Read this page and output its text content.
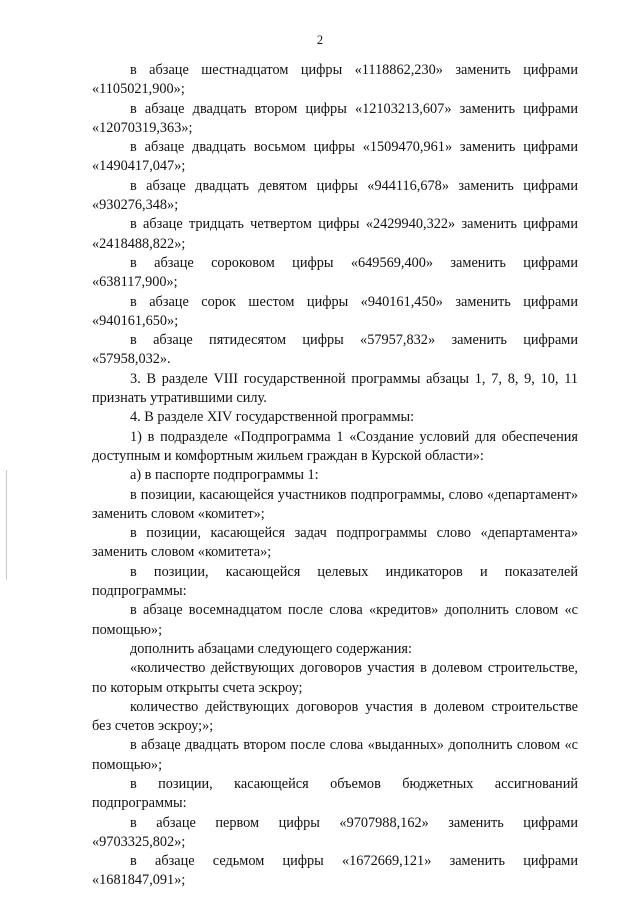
2

в абзаце шестнадцатом цифры «1118862,230» заменить цифрами «1105021,900»;

в абзаце двадцать втором цифры «12103213,607» заменить цифрами «12070319,363»;

в абзаце двадцать восьмом цифры «1509470,961» заменить цифрами «1490417,047»;

в абзаце двадцать девятом цифры «944116,678» заменить цифрами «930276,348»;

в абзаце тридцать четвертом цифры «2429940,322» заменить цифрами «2418488,822»;

в абзаце сороковом цифры «649569,400» заменить цифрами «638117,900»;

в абзаце сорок шестом цифры «940161,450» заменить цифрами «940161,650»;

в абзаце пятидесятом цифры «57957,832» заменить цифрами «57958,032».

3. В разделе VIII государственной программы абзацы 1, 7, 8, 9, 10, 11 признать утратившими силу.

4. В разделе XIV государственной программы:

1) в подразделе «Подпрограмма 1 «Создание условий для обеспечения доступным и комфортным жильем граждан в Курской области»:

а) в паспорте подпрограммы 1:

в позиции, касающейся участников подпрограммы, слово «департамент» заменить словом «комитет»;

в позиции, касающейся задач подпрограммы слово «департамента» заменить словом «комитета»;

в позиции, касающейся целевых индикаторов и показателей подпрограммы:

в абзаце восемнадцатом после слова «кредитов» дополнить словом «с помощью»;

дополнить абзацами следующего содержания:

«количество действующих договоров участия в долевом строительстве, по которым открыты счета эскроу;

количество действующих договоров участия в долевом строительстве без счетов эскроу;»;

в абзаце двадцать втором после слова «выданных» дополнить словом «с помощью»;

в позиции, касающейся объемов бюджетных ассигнований подпрограммы:

в абзаце первом цифры «9707988,162» заменить цифрами «9703325,802»;

в абзаце седьмом цифры «1672669,121» заменить цифрами «1681847,091»;
